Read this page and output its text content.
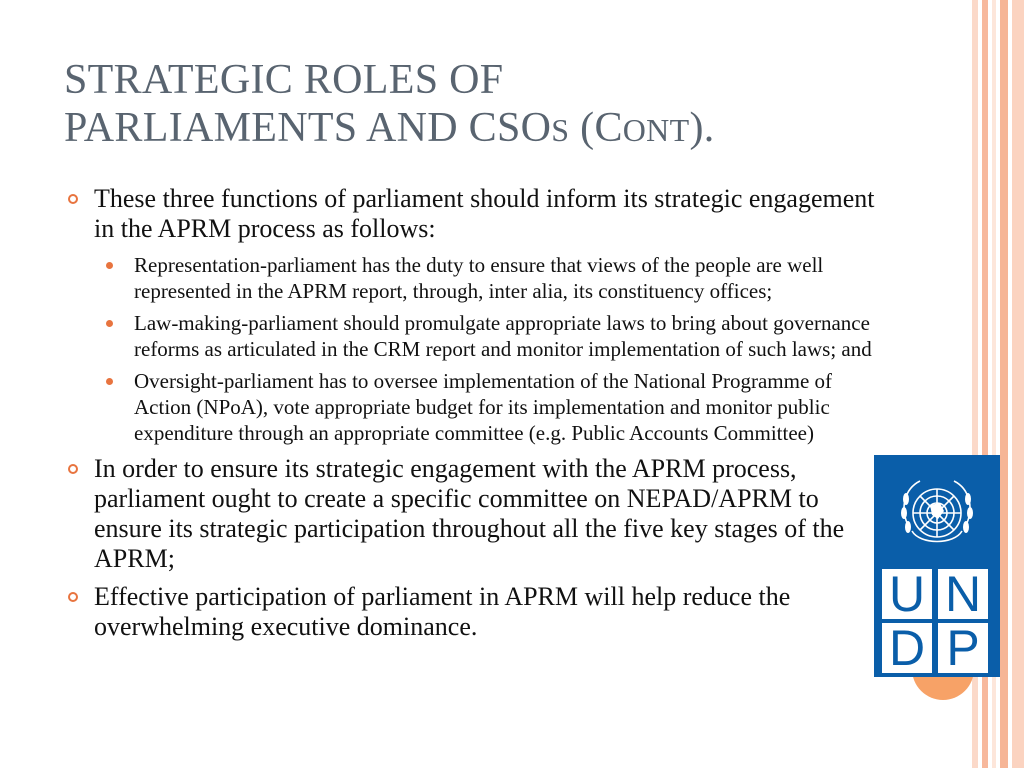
STRATEGIC ROLES OF
PARLIAMENTS AND CSOS (CONT).
These three functions of parliament should inform its strategic engagement in the APRM process as follows:
Representation-parliament has the duty to ensure that views of the people are well represented in the APRM report, through, inter alia, its constituency offices;
Law-making-parliament should promulgate appropriate laws to bring about governance reforms as articulated in the CRM report and monitor implementation of such laws; and
Oversight-parliament has to oversee implementation of the National Programme of Action (NPoA), vote appropriate budget for its implementation and monitor public expenditure through an appropriate committee (e.g. Public Accounts Committee)
In order to ensure its strategic engagement with the APRM process, parliament ought to create a specific committee on NEPAD/APRM to ensure its strategic participation throughout all the five key stages of the APRM;
Effective participation of parliament in APRM will help reduce the overwhelming executive dominance.
U N
D P
